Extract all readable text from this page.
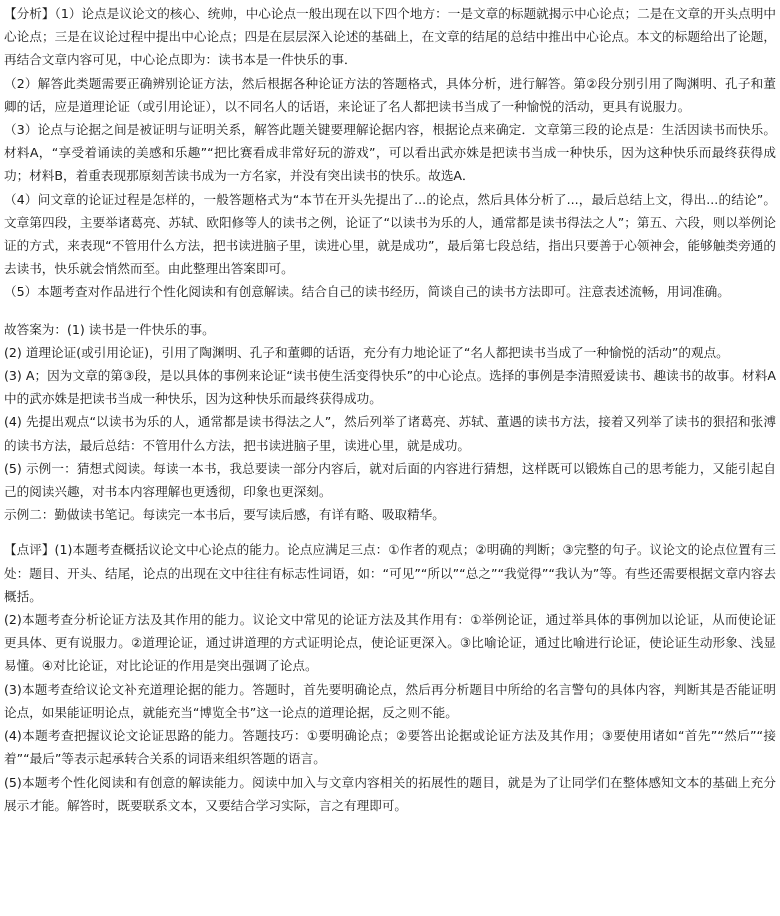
【分析】（1）论点是议论文的核心、统帅，中心论点一般出现在以下四个地方：一是文章的标题就揭示中心论点；二是在文章的开头点明中心论点；三是在议论过程中提出中心论点；四是在层层深入论述的基础上，在文章的结尾的总结中推出中心论点。本文的标题给出了论题，再结合文章内容可见，中心论点即为：读书本是一件快乐的事．

（2）解答此类题需要正确辨别论证方法，然后根据各种论证方法的答题格式，具体分析，进行解答。第②段分别引用了陶渊明、孔子和董卿的话，应是道理论证（或引用论证），以不同名人的话语，来论证了名人都把读书当成了一种愉悦的活动，更具有说服力。

（3）论点与论据之间是被证明与证明关系，解答此题关键要理解论据内容，根据论点来确定．文章第三段的论点是：生活因读书而快乐。材料A，“享受着诵读的美感和乐趣”“把比赛看成非常好玩的游戏”，可以看出武亦姝是把读书当成一种快乐，因为这种快乐而最终获得成功；材料B，着重表现那原刻苦读书成为一方名家，并没有突出读书的快乐。故选A．

（4）问文章的论证过程是怎样的，一般答题格式为“本节在开头先提出了...的论点，然后具体分析了...，最后总结上文，得出...的结论”。文章第四段，主要举诸葛亮、苏轼、欧阳修等人的读书之例，论证了“以读书为乐的人，通常都是读书得法之人”；第五、六段，则以举例论证的方式，来表现“不管用什么方法，把书读进脑子里，读进心里，就是成功”，最后第七段总结，指出只要善于心领神会，能够触类旁通的去读书，快乐就会悄然而至。由此整理出答案即可。

（5）本题考查对作品进行个性化阅读和有创意解读。结合自己的读书经历，简谈自己的读书方法即可。注意表述流畅，用词准确。

故答案为：(1) 读书是一件快乐的事。

(2) 道理论证(或引用论证)，引用了陶渊明、孔子和董卿的话语，充分有力地论证了“名人都把读书当成了一种愉悦的活动”的观点。

(3) A；因为文章的第③段，是以具体的事例来论证“读书使生活变得快乐”的中心论点。选择的事例是李清照爱读书、趣读书的故事。材料A中的武亦姝是把读书当成一种快乐，因为这种快乐而最终获得成功。

(4) 先提出观点“以读书为乐的人，通常都是读书得法之人”，然后列举了诸葛亮、苏轼、董遇的读书方法，接着又列举了读书的狠招和张溥的读书方法，最后总结：不管用什么方法，把书读进脑子里，读进心里，就是成功。

(5) 示例一：猜想式阅读。每读一本书，我总要读一部分内容后，就对后面的内容进行猜想，这样既可以锻炼自己的思考能力，又能引起自己的阅读兴趣，对书本内容理解也更透彻，印象也更深刻。

示例二：勤做读书笔记。每读完一本书后，要写读后感，有详有略、吸取精华。

【点评】(1)本题考查概括议论文中心论点的能力。论点应满足三点：①作者的观点；②明确的判断；③完整的句子。议论文的论点位置有三处：题目、开头、结尾，论点的出现在文中往往有标志性词语，如：“可见”“所以”“总之”“我觉得”“我认为”等。有些还需要根据文章内容去概括。

(2)本题考查分析论证方法及其作用的能力。议论文中常见的论证方法及其作用有：①举例论证，通过举具体的事例加以论证，从而使论证更具体、更有说服力。②道理论证，通过讲道理的方式证明论点，使论证更深入。③比喻论证，通过比喻进行论证，使论证生动形象、浅显易懂。④对比论证，对比论证的作用是突出强调了论点。

(3)本题考查给议论文补充道理论据的能力。答题时，首先要明确论点，然后再分析题目中所给的名言警句的具体内容，判断其是否能证明论点，如果能证明论点，就能充当“博览全书”这一论点的道理论据，反之则不能。

(4)本题考查把握议论文论证思路的能力。答题技巧：①要明确论点；②要答出论据或论证方法及其作用；③要使用诸如“首先”“然后”“接着”“最后”等表示起承转合关系的词语来组织答题的语言。

(5)本题考个性化阅读和有创意的解读能力。阅读中加入与文章内容相关的拓展性的题目，就是为了让同学们在整体感知文本的基础上充分展示才能。解答时，既要联系文本，又要结合学习实际，言之有理即可。
